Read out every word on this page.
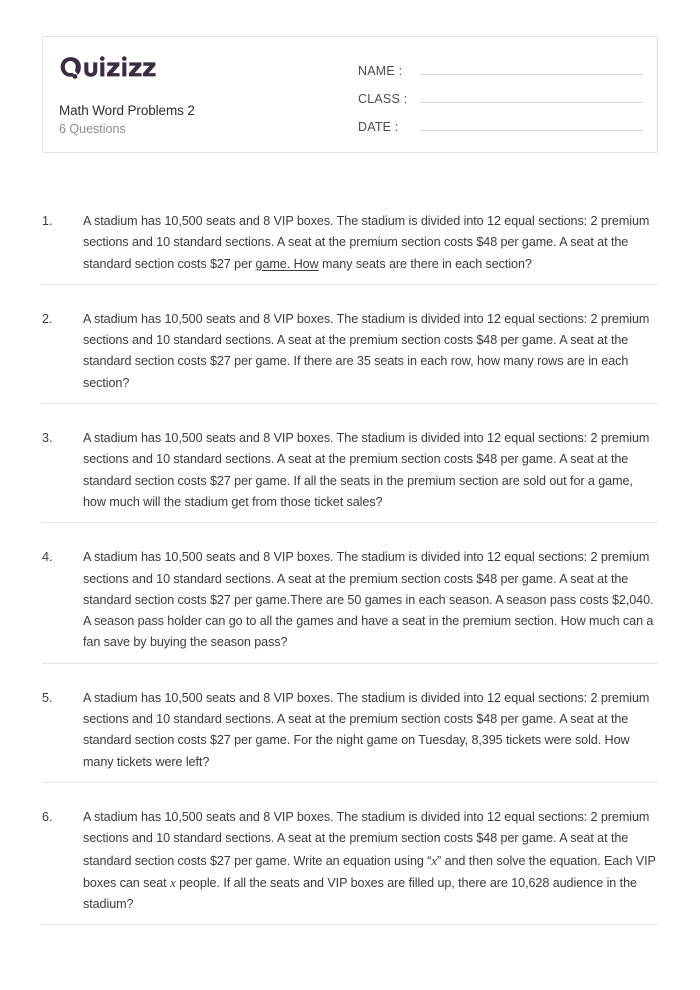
Math Word Problems 2
6 Questions
NAME :
CLASS :
DATE :
1.	A stadium has 10,500 seats and 8 VIP boxes. The stadium is divided into 12 equal sections: 2 premium sections and 10 standard sections. A seat at the premium section costs $48 per game. A seat at the standard section costs $27 per game. How many seats are there in each section?
2.	A stadium has 10,500 seats and 8 VIP boxes. The stadium is divided into 12 equal sections: 2 premium sections and 10 standard sections. A seat at the premium section costs $48 per game. A seat at the standard section costs $27 per game. If there are 35 seats in each row, how many rows are in each section?
3.	A stadium has 10,500 seats and 8 VIP boxes. The stadium is divided into 12 equal sections: 2 premium sections and 10 standard sections. A seat at the premium section costs $48 per game. A seat at the standard section costs $27 per game. If all the seats in the premium section are sold out for a game, how much will the stadium get from those ticket sales?
4.	A stadium has 10,500 seats and 8 VIP boxes. The stadium is divided into 12 equal sections: 2 premium sections and 10 standard sections. A seat at the premium section costs $48 per game. A seat at the standard section costs $27 per game.There are 50 games in each season. A season pass costs $2,040. A season pass holder can go to all the games and have a seat in the premium section. How much can a fan save by buying the season pass?
5.	A stadium has 10,500 seats and 8 VIP boxes. The stadium is divided into 12 equal sections: 2 premium sections and 10 standard sections. A seat at the premium section costs $48 per game. A seat at the standard section costs $27 per game. For the night game on Tuesday, 8,395 tickets were sold. How many tickets were left?
6.	A stadium has 10,500 seats and 8 VIP boxes. The stadium is divided into 12 equal sections: 2 premium sections and 10 standard sections. A seat at the premium section costs $48 per game. A seat at the standard section costs $27 per game. Write an equation using “x” and then solve the equation. Each VIP boxes can seat x people. If all the seats and VIP boxes are filled up, there are 10,628 audience in the stadium?
